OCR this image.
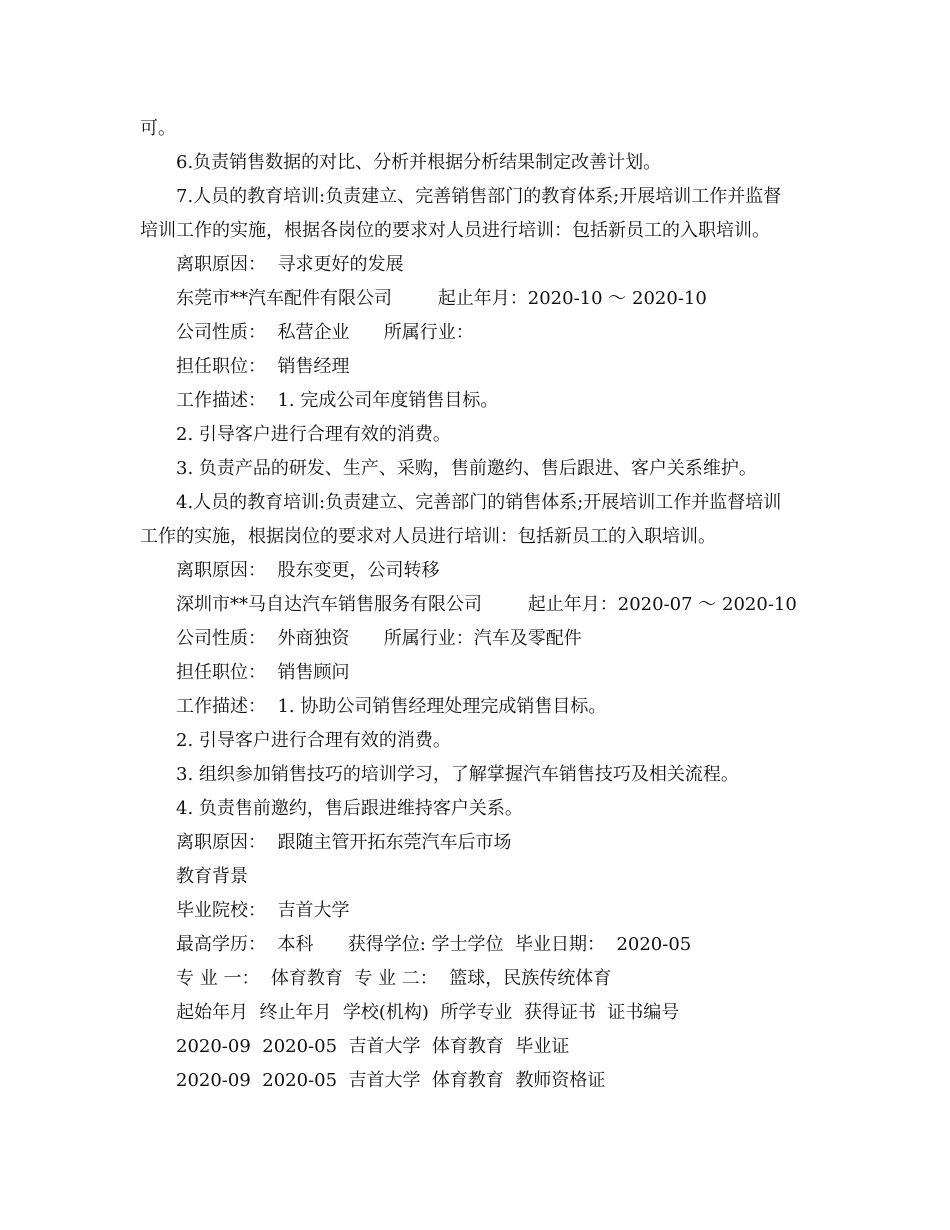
可。
6.负责销售数据的对比、分析并根据分析结果制定改善计划。
7.人员的教育培训:负责建立、完善销售部门的教育体系;开展培训工作并监督
培训工作的实施，根据各岗位的要求对人员进行培训：包括新员工的入职培训。
离职原因：  寻求更好的发展
东莞市**汽车配件有限公司        起止年月：2020-10 ～ 2020-10
公司性质：  私营企业      所属行业：
担任职位：  销售经理
工作描述：  1. 完成公司年度销售目标。
2. 引导客户进行合理有效的消费。
3. 负责产品的研发、生产、采购，售前邀约、售后跟进、客户关系维护。
4.人员的教育培训:负责建立、完善部门的销售体系;开展培训工作并监督培训
工作的实施，根据岗位的要求对人员进行培训：包括新员工的入职培训。
离职原因：  股东变更，公司转移
深圳市**马自达汽车销售服务有限公司        起止年月：2020-07 ～ 2020-10
公司性质：  外商独资      所属行业：汽车及零配件
担任职位：  销售顾问
工作描述：  1. 协助公司销售经理处理完成销售目标。
2. 引导客户进行合理有效的消费。
3. 组织参加销售技巧的培训学习，了解掌握汽车销售技巧及相关流程。
4. 负责售前邀约，售后跟进维持客户关系。
离职原因：  跟随主管开拓东莞汽车后市场
教育背景
毕业院校：  吉首大学
最高学历：  本科      获得学位: 学士学位  毕业日期：  2020-05
专 业 一：  体育教育  专 业 二：  篮球，民族传统体育
起始年月  终止年月  学校(机构)  所学专业  获得证书  证书编号
2020-09  2020-05  吉首大学  体育教育  毕业证
2020-09  2020-05  吉首大学  体育教育  教师资格证
